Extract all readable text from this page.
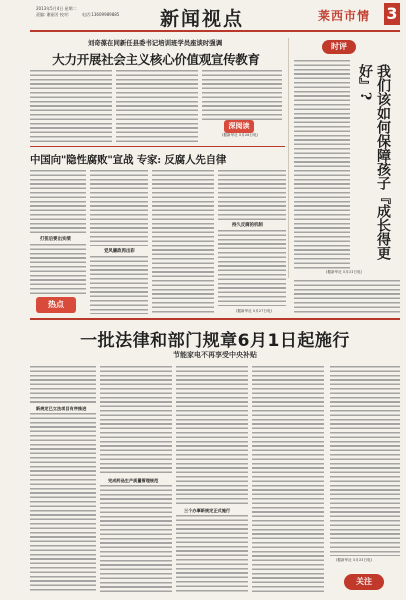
2013年5月4日 星期二
责编: 谢丽芳 校对:	电话:13609989885 新闻视点	莱西市情 3
刘奇葆在同新任县委书记培训班学员座谈时强调
大力开展社会主义核心价值观宣传教育
(据新华社 5月28日电)
深阅读
时评
我们该如何保障孩子『成长得更好』?
(据新华社 5月31日电)
中国向"隐性腐败"宣战 专家: 反腐人先自律
打扭后要出实绩
热点
党风廉政再出彩
持久反腐的机制
(据新华社 5月27日电)
一批法律和部门规章6月1日起施行
节能家电不再享受中央补贴
新规定已立法项目有序推进
完成药品生产质量管理规范
三个办事新规定正式施行
(据新华社 5月31日电)
关注
